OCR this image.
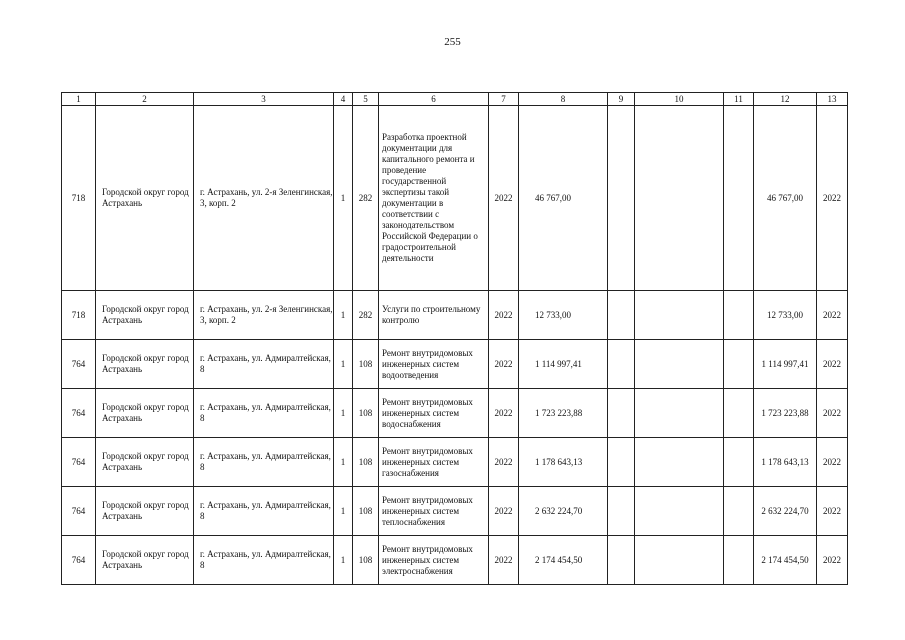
255
1	2	3	4	5	6	7	8	9	10	11	12	13
718	Городской округ город Астрахань	г. Астрахань, ул. 2-я Зеленгинская, 3, корп. 2	1	282	Разработка проектной документации для капитального ремонта и проведение государственной экспертизы такой документации в соответствии с законодательством Российской Федерации о градостроительной деятельности	2022	46 767,00				46 767,00	2022
718	Городской округ город Астрахань	г. Астрахань, ул. 2-я Зеленгинская, 3, корп. 2	1	282	Услуги по строительному контролю	2022	12 733,00				12 733,00	2022
764	Городской округ город Астрахань	г. Астрахань, ул. Адмиралтейская, 8	1	108	Ремонт внутридомовых инженерных систем водоотведения	2022	1 114 997,41				1 114 997,41	2022
764	Городской округ город Астрахань	г. Астрахань, ул. Адмиралтейская, 8	1	108	Ремонт внутридомовых инженерных систем водоснабжения	2022	1 723 223,88				1 723 223,88	2022
764	Городской округ город Астрахань	г. Астрахань, ул. Адмиралтейская, 8	1	108	Ремонт внутридомовых инженерных систем газоснабжения	2022	1 178 643,13				1 178 643,13	2022
764	Городской округ город Астрахань	г. Астрахань, ул. Адмиралтейская, 8	1	108	Ремонт внутридомовых инженерных систем теплоснабжения	2022	2 632 224,70				2 632 224,70	2022
764	Городской округ город Астрахань	г. Астрахань, ул. Адмиралтейская, 8	1	108	Ремонт внутридомовых инженерных систем электроснабжения	2022	2 174 454,50				2 174 454,50	2022
